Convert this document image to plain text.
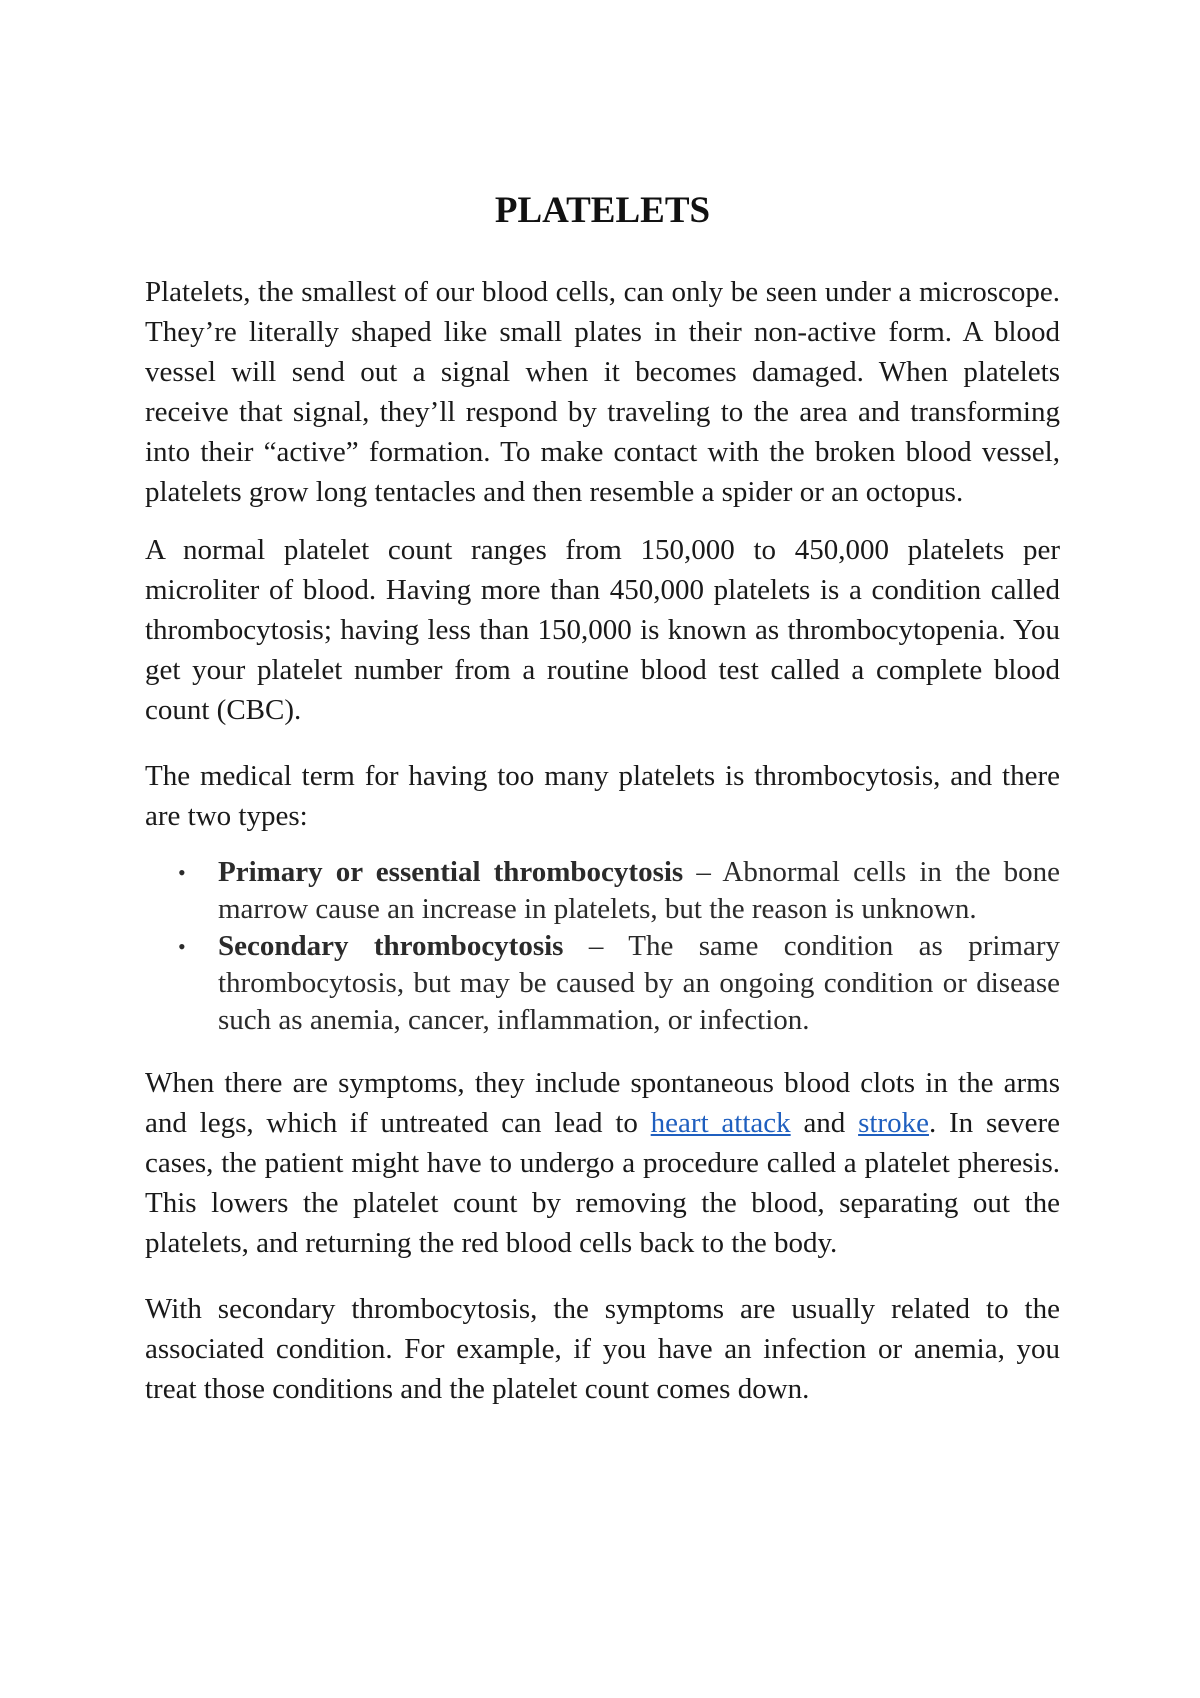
PLATELETS

Platelets, the smallest of our blood cells, can only be seen under a microscope. They’re literally shaped like small plates in their non-active form. A blood vessel will send out a signal when it becomes damaged. When platelets receive that signal, they’ll respond by traveling to the area and transforming into their “active” formation. To make contact with the broken blood vessel, platelets grow long tentacles and then resemble a spider or an octopus.

A normal platelet count ranges from 150,000 to 450,000 platelets per microliter of blood. Having more than 450,000 platelets is a condition called thrombocytosis; having less than 150,000 is known as thrombocytopenia. You get your platelet number from a routine blood test called a complete blood count (CBC).

The medical term for having too many platelets is thrombocytosis, and there are two types:

• Primary or essential thrombocytosis – Abnormal cells in the bone marrow cause an increase in platelets, but the reason is unknown.
• Secondary thrombocytosis – The same condition as primary thrombocytosis, but may be caused by an ongoing condition or disease such as anemia, cancer, inflammation, or infection.

When there are symptoms, they include spontaneous blood clots in the arms and legs, which if untreated can lead to heart attack and stroke. In severe cases, the patient might have to undergo a procedure called a platelet pheresis. This lowers the platelet count by removing the blood, separating out the platelets, and returning the red blood cells back to the body.

With secondary thrombocytosis, the symptoms are usually related to the associated condition. For example, if you have an infection or anemia, you treat those conditions and the platelet count comes down.
